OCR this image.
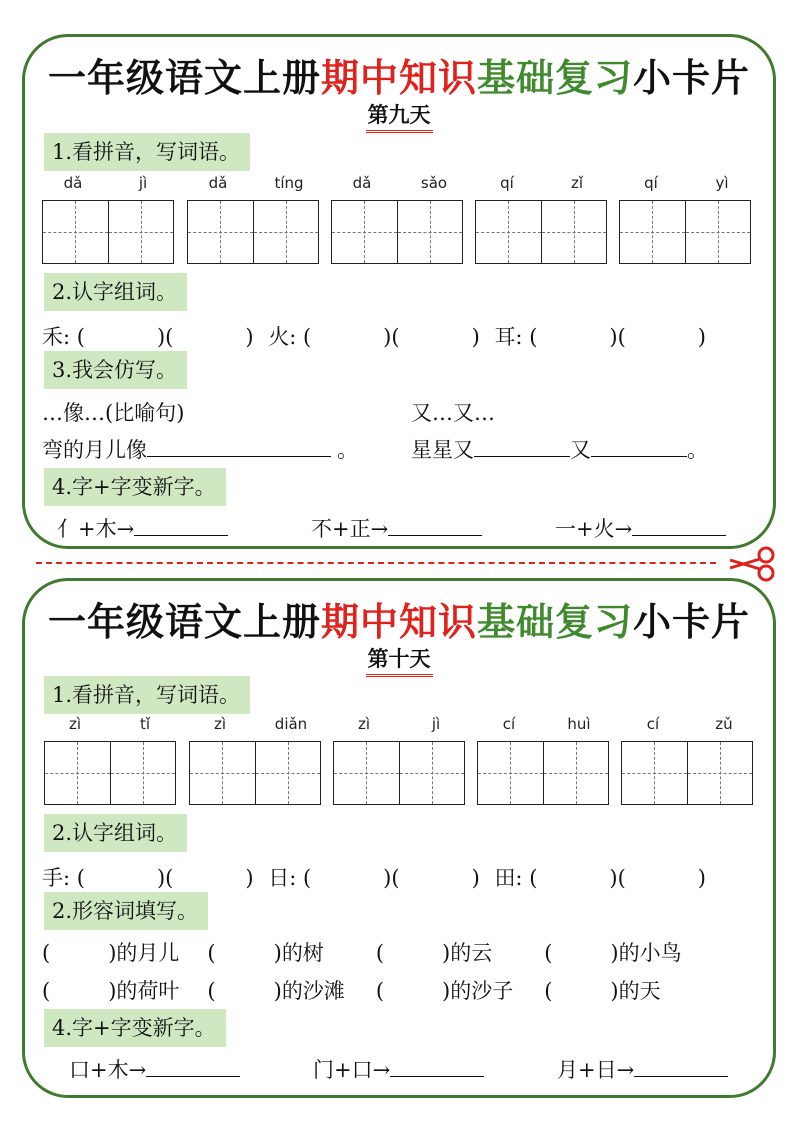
一年级语文上册期中知识基础复习小卡片
第九天
1.看拼音，写词语。
dǎ	jì	dǎ	tíng	dǎ	sǎo	qí	zǐ	qí	yì
2.认字组词。
禾: (	)(	) 火: (	)(	) 耳: (	)(	)
3.我会仿写。
…像…(比喻句)	又…又…
弯的月儿像	。	星星又	又	。
4.字+字变新字。
亻+木→	不+正→	一+火→
一年级语文上册期中知识基础复习小卡片
第十天
1.看拼音，写词语。
zì	tǐ	zì	diǎn	zì	jì	cí	huì	cí	zǔ
2.认字组词。
手: (	)(	) 日: (	)(	) 田: (	)(	)
2.形容词填写。
(	)的月儿 (	)的树 (	)的云 (	)的小鸟
(	)的荷叶 (	)的沙滩 (	)的沙子 (	)的天
4.字+字变新字。
口+木→	门+口→	月+日→
